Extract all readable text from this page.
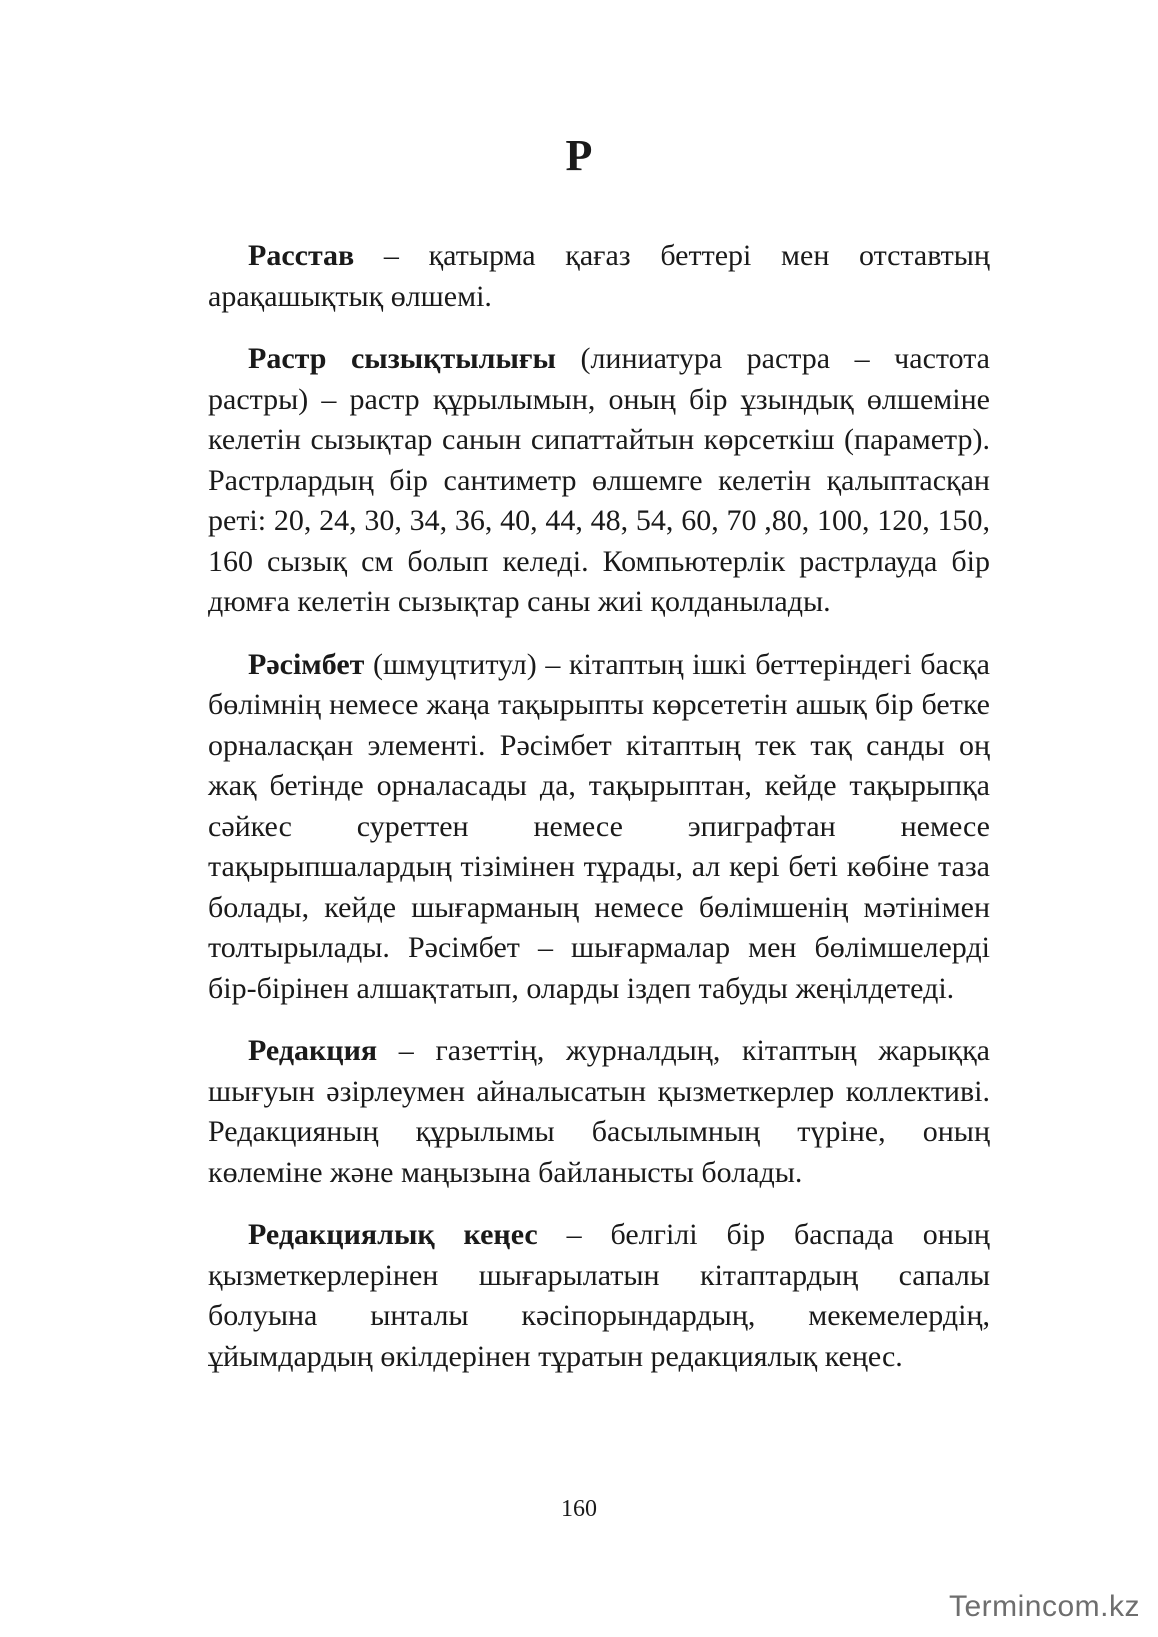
Р

Расстав – қатырма қағаз беттері мен отставтың арақашықтық өлшемі.

Растр сызықтылығы (линиатура растра – частота растры) – растр құрылымын, оның бір ұзындық өлшеміне келетін сызықтар санын сипаттайтын көрсеткіш (параметр). Растрлардың бір сантиметр өлшемге келетін қалыптасқан реті: 20, 24, 30, 34, 36, 40, 44, 48, 54, 60, 70 ,80, 100, 120, 150, 160 сызық см болып келеді. Компьютерлік растрлауда бір дюмға келетін сызықтар саны жиі қолданылады.

Рәсімбет (шмуцтитул) – кітаптың ішкі беттеріндегі басқа бөлімнің немесе жаңа тақырыпты көрсететін ашық бір бетке орналасқан элементі. Рәсімбет кітаптың тек тақ санды оң жақ бетінде орналасады да, тақырыптан, кейде тақырыпқа сәйкес суреттен немесе эпиграфтан немесе тақырыпшалардың тізімінен тұрады, ал кері беті көбіне таза болады, кейде шығарманың немесе бөлімшенің мәтінімен толтырылады. Рәсімбет – шығармалар мен бөлімшелерді бір-бірінен алшақтатып, оларды іздеп табуды жеңілдетеді.

Редакция – газеттің, журналдың, кітаптың жарыққа шығуын әзірлеумен айналысатын қызметкерлер коллективі. Редакцияның құрылымы басылымның түріне, оның көлеміне және маңызына байланысты болады.

Редакциялық кеңес – белгілі бір баспада оның қызметкерлерінен шығарылатын кітаптардың сапалы болуына ынталы кәсіпорындардың, мекемелердің, ұйымдардың өкілдерінен тұратын редакциялық кеңес.

160
Termincom.kz
